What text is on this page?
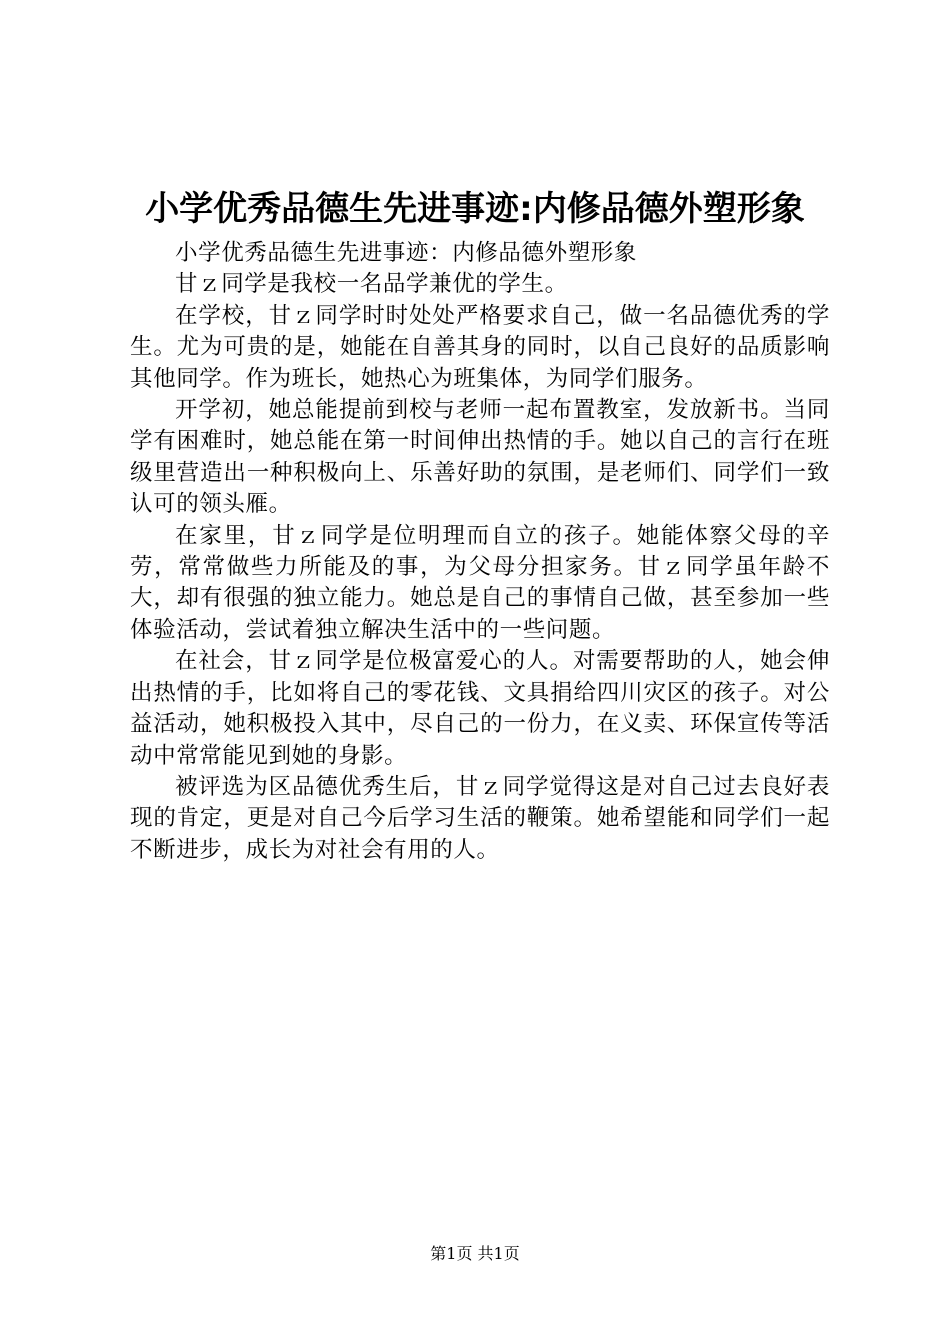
小学优秀品德生先进事迹:内修品德外塑形象

小学优秀品德生先进事迹：内修品德外塑形象

甘ｚ同学是我校一名品学兼优的学生。

在学校，甘ｚ同学时时处处严格要求自己，做一名品德优秀的学生。尤为可贵的是，她能在自善其身的同时，以自己良好的品质影响其他同学。作为班长，她热心为班集体，为同学们服务。

开学初，她总能提前到校与老师一起布置教室，发放新书。当同学有困难时，她总能在第一时间伸出热情的手。她以自己的言行在班级里营造出一种积极向上、乐善好助的氛围，是老师们、同学们一致认可的领头雁。

在家里，甘ｚ同学是位明理而自立的孩子。她能体察父母的辛劳，常常做些力所能及的事，为父母分担家务。甘ｚ同学虽年龄不大，却有很强的独立能力。她总是自己的事情自己做，甚至参加一些体验活动，尝试着独立解决生活中的一些问题。

在社会，甘ｚ同学是位极富爱心的人。对需要帮助的人，她会伸出热情的手，比如将自己的零花钱、文具捐给四川灾区的孩子。对公益活动，她积极投入其中，尽自己的一份力，在义卖、环保宣传等活动中常常能见到她的身影。

被评选为区品德优秀生后，甘ｚ同学觉得这是对自己过去良好表现的肯定，更是对自己今后学习生活的鞭策。她希望能和同学们一起不断进步，成长为对社会有用的人。

第1页 共1页
